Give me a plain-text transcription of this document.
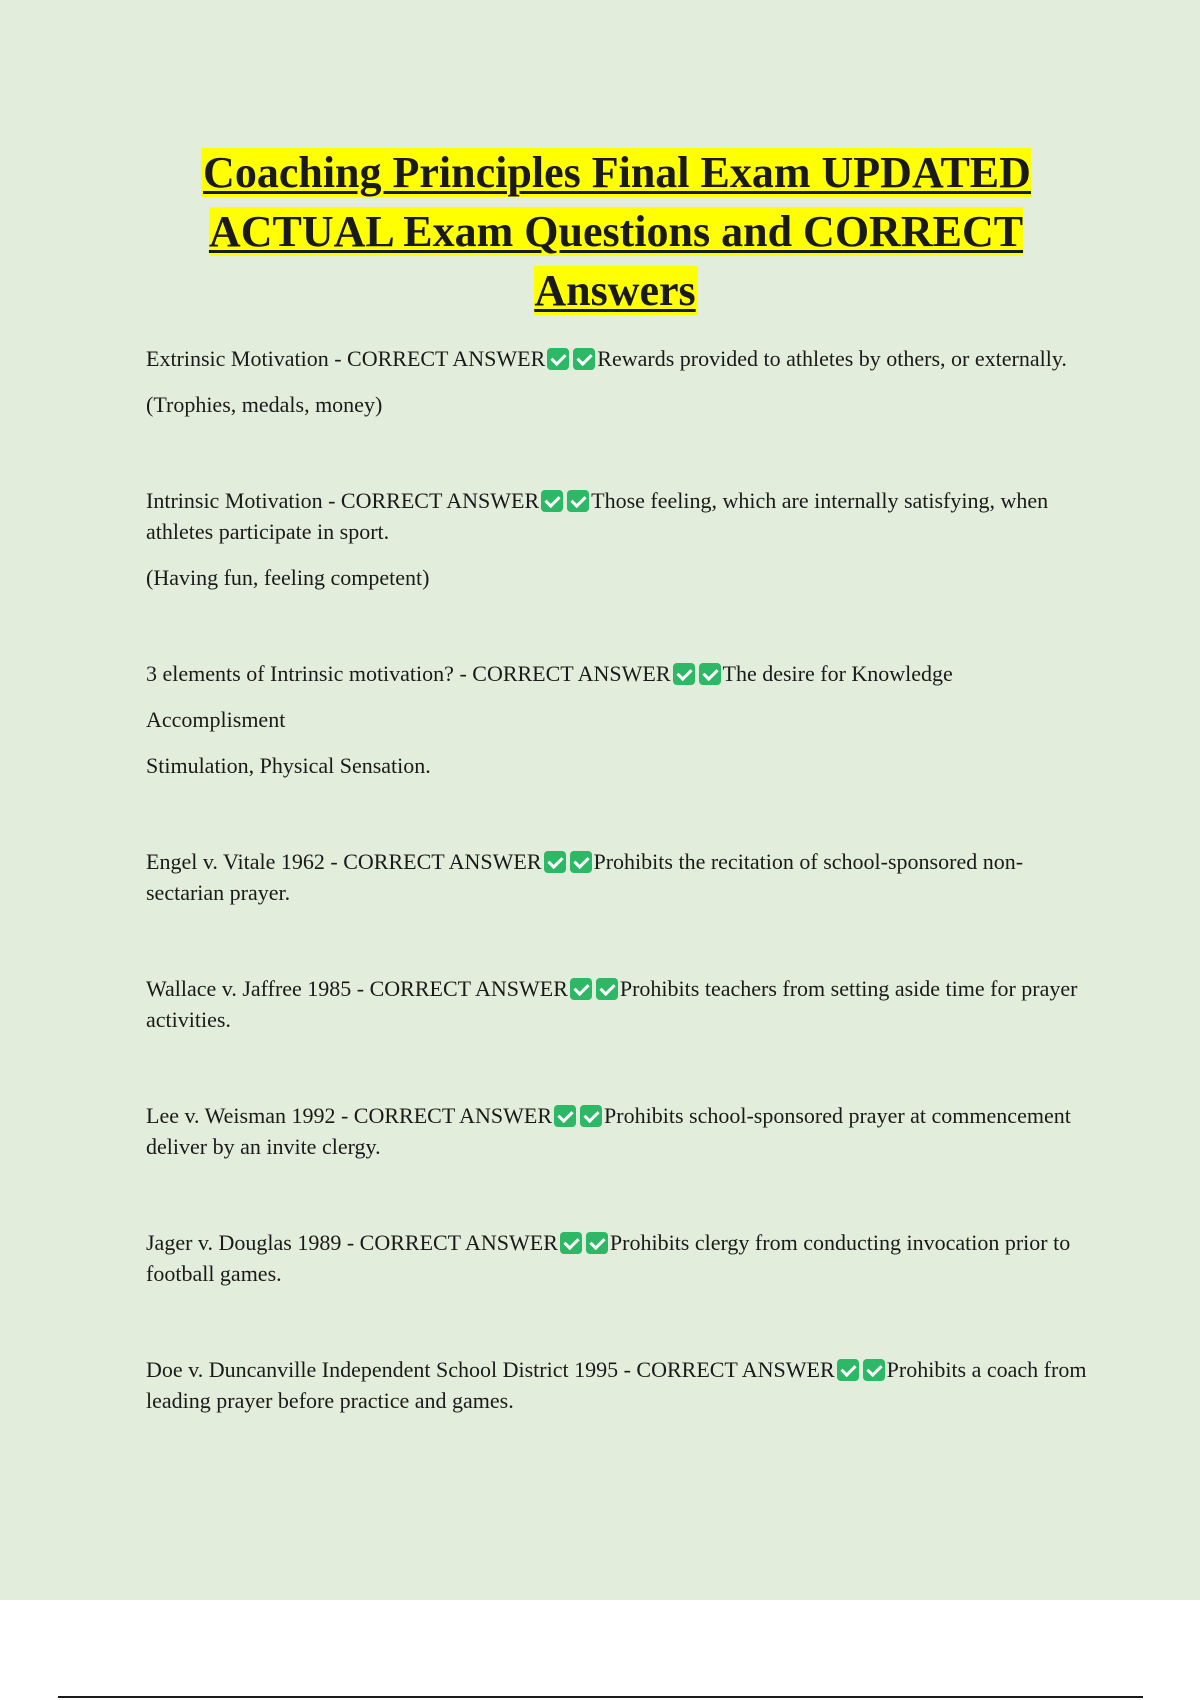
Coaching Principles Final Exam UPDATED ACTUAL Exam Questions and CORRECT Answers

Extrinsic Motivation - CORRECT ANSWER Rewards provided to athletes by others, or externally.

(Trophies, medals, money)

Intrinsic Motivation - CORRECT ANSWER Those feeling, which are internally satisfying, when athletes participate in sport.

(Having fun, feeling competent)

3 elements of Intrinsic motivation? - CORRECT ANSWER The desire for Knowledge

Accomplisment

Stimulation, Physical Sensation.

Engel v. Vitale 1962 - CORRECT ANSWER Prohibits the recitation of school-sponsored non-sectarian prayer.

Wallace v. Jaffree 1985 - CORRECT ANSWER Prohibits teachers from setting aside time for prayer activities.

Lee v. Weisman 1992 - CORRECT ANSWER Prohibits school-sponsored prayer at commencement deliver by an invite clergy.

Jager v. Douglas 1989 - CORRECT ANSWER Prohibits clergy from conducting invocation prior to football games.

Doe v. Duncanville Independent School District 1995 - CORRECT ANSWER Prohibits a coach from leading prayer before practice and games.
